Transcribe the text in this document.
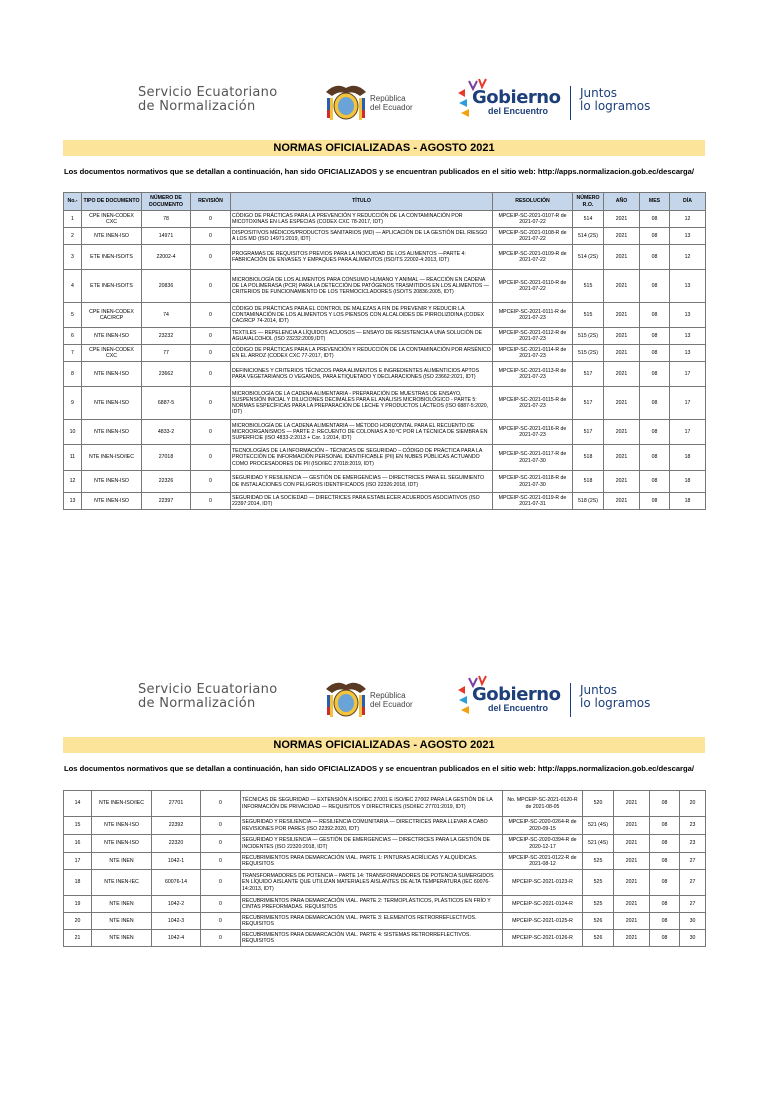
Servicio Ecuatoriano
de Normalización
República
del Ecuador	Gobierno
del Encuentro
Juntos
lo logramos
NORMAS OFICIALIZADAS - AGOSTO 2021
Los documentos normativos que se detallan a continuación, han sido OFICIALIZADOS y se encuentran publicados en el sitio web: http://apps.normalizacion.gob.ec/descarga/
No.-	TIPO DE DOCUMENTO	NÚMERO DE DOCUMENTO	REVISIÓN	TÍTULO	RESOLUCIÓN	NÚMERO R.O.	AÑO	MES	DÍA
1	CPE INEN-CODEX CXC	78	0	CÓDIGO DE PRÁCTICAS PARA LA PREVENCIÓN Y REDUCCIÓN DE LA CONTAMINACIÓN POR MICOTOXINAS EN LAS ESPECIAS (CODEX CXC 78-2017, IDT)	MPCEIP-SC-2021-0107-R de 2021-07-22	514	2021	08	12
2	NTE INEN-ISO	14971	0	DISPOSITIVOS MÉDICOS/PRODUCTOS SANITARIOS (MD) — APLICACIÓN DE LA GESTIÓN DEL RIESGO A LOS MD (ISO 14971:2019, IDT)	MPCEIP-SC-2021-0108-R de 2021-07-22	514 (2S)	2021	08	13
3	ETE INEN-ISO/TS	22002-4	0	PROGRAMAS DE REQUISITOS PREVIOS PARA LA INOCUIDAD DE LOS ALIMENTOS —PARTE 4: FABRICACIÓN DE ENVASES Y EMPAQUES PARA ALIMENTOS (ISO/TS 22002-4:2013, IDT)	MPCEIP-SC-2021-0109-R de 2021-07-22	514 (2S)	2021	08	12
4	ETE INEN-ISO/TS	20836	0	MICROBIOLOGÍA DE LOS ALIMENTOS PARA CONSUMO HUMANO Y ANIMAL — REACCIÓN EN CADENA DE LA POLIMERASA (PCR) PARA LA DETECCIÓN DE PATÓGENOS TRASMITIDOS EN LOS ALIMENTOS — CRITERIOS DE FUNCIONAMIENTO DE LOS TERMOCICLADORES (ISO/TS 20836:2005, IDT)	MPCEIP-SC-2021-0110-R de 2021-07-22	515	2021	08	13
5	CPE INEN-CODEX CAC/RCP	74	0	CÓDIGO DE PRÁCTICAS PARA EL CONTROL DE MALEZAS A FIN DE PREVENIR Y REDUCIR LA CONTAMINACIÓN DE LOS ALIMENTOS Y LOS PIENSOS CON ALCALOIDES DE PIRROLIZIDINA (CODEX CAC/RCP 74-2014, IDT)	MPCEIP-SC-2021-0111-R de 2021-07-23	515	2021	08	13
6	NTE INEN-ISO	23232	0	TEXTILES — REPELENCIA A LÍQUIDOS ACUOSOS — ENSAYO DE RESISTENCIA A UNA SOLUCIÓN DE AGUA/ALCOHOL (ISO 23232:2009,IDT)	MPCEIP-SC-2021-0112-R de 2021-07-23	515 (2S)	2021	08	13
7	CPE INEN-CODEX CXC	77	0	CÓDIGO DE PRÁCTICAS PARA LA PREVENCIÓN Y REDUCCIÓN DE LA CONTAMINACIÓN POR ARSÉNICO EN EL ARROZ (CODEX CXC 77-2017, IDT)	MPCEIP-SC-2021-0114-R de 2021-07-23	515 (2S)	2021	08	13
8	NTE INEN-ISO	23662	0	DEFINICIONES Y CRITERIOS TÉCNICOS PARA ALIMENTOS E INGREDIENTES ALIMENTICIOS APTOS PARA VEGETARIANOS O VEGANOS, PARA ETIQUETADO Y DECLARACIONES (ISO 23662:2021, IDT)	MPCEIP-SC-2021-0113-R de 2021-07-23	517	2021	08	17
9	NTE INEN-ISO	6887-5	0	MICROBIOLOGÍA DE LA CADENA ALIMENTARIA - PREPARACIÓN DE MUESTRAS DE ENSAYO, SUSPENSIÓN INICIAL Y DILUCIONES DECIMALES PARA EL ANÁLISIS MICROBIOLÓGICO - PARTE 5: NORMAS ESPECÍFICAS PARA LA PREPARACIÓN DE LECHE Y PRODUCTOS LÁCTEOS (ISO 6887-5:2020, IDT)	MPCEIP-SC-2021-0115-R de 2021-07-23	517	2021	08	17
10	NTE INEN-ISO	4833-2	0	MICROBIOLOGÍA DE LA CADENA ALIMENTARIA — MÉTODO HORIZONTAL PARA EL RECUENTO DE MICROORGANISMOS — PARTE 2: RECUENTO DE COLONIAS A 30 ºC POR LA TÉCNICA DE SIEMBRA EN SUPERFICIE (ISO 4833-2:2013 + Cor. 1:2014, IDT)	MPCEIP-SC-2021-0116-R de 2021-07-23	517	2021	08	17
11	NTE INEN-ISO/IEC	27018	0	TECNOLOGÍAS DE LA INFORMACIÓN – TÉCNICAS DE SEGURIDAD – CÓDIGO DE PRÁCTICA PARA LA PROTECCIÓN DE INFORMACIÓN PERSONAL IDENTIFICABLE (PII) EN NUBES PÚBLICAS ACTUANDO COMO PROCESADORES DE PII (ISO/IEC 27018:2019, IDT)	MPCEIP-SC-2021-0117-R de 2021-07-30	518	2021	08	18
12	NTE INEN-ISO	22326	0	SEGURIDAD Y RESILIENCIA — GESTIÓN DE EMERGENCIAS — DIRECTRICES PARA EL SEGUIMIENTO DE INSTALACIONES CON PELIGROS IDENTIFICADOS (ISO 22326:2018, IDT)	MPCEIP-SC-2021-0118-R de 2021-07-30	518	2021	08	18
13	NTE INEN-ISO	22397	0	SEGURIDAD DE LA SOCIEDAD — DIRECTRICES PARA ESTABLECER ACUERDOS ASOCIATIVOS (ISO 22397:2014, IDT)	MPCEIP-SC-2021-0119-R de 2021-07-31	518 (2S)	2021	08	18
Servicio Ecuatoriano
de Normalización
República
del Ecuador	Gobierno
del Encuentro
Juntos
lo logramos
NORMAS OFICIALIZADAS - AGOSTO 2021
Los documentos normativos que se detallan a continuación, han sido OFICIALIZADOS y se encuentran publicados en el sitio web: http://apps.normalizacion.gob.ec/descarga/
14	NTE INEN-ISO/IEC	27701	0	TÉCNICAS DE SEGURIDAD — EXTENSIÓN A ISO/IEC 27001 E ISO/IEC 27002 PARA LA GESTIÓN DE LA INFORMACIÓN DE PRIVACIDAD — REQUISITOS Y DIRECTRICES (ISO/IEC 27701:2019, IDT)	No. MPCEIP-SC-2021-0120-R de 2021-08-05	520	2021	08	20
15	NTE INEN-ISO	22392	0	SEGURIDAD Y RESILIENCIA — RESILIENCIA COMUNITARIA — DIRECTRICES PARA LLEVAR A CABO REVISIONES POR PARES (ISO 22392:2020, IDT)	MPCEIP-SC-2020-0264-R de 2020-09-15	521 (4S)	2021	08	23
16	NTE INEN-ISO	22320	0	SEGURIDAD Y RESILIENCIA — GESTIÓN DE EMERGENCIAS — DIRECTRICES PARA LA GESTIÓN DE INCIDENTES (ISO 22320:2018, IDT)	MPCEIP-SC-2020-0394-R de 2020-12-17	521 (4S)	2021	08	23
17	NTE INEN	1042-1	0	RECUBRIMIENTOS PARA DEMARCACIÓN VIAL. PARTE 1: PINTURAS ACRÍLICAS Y ALQUÍDICAS. REQUISITOS	MPCEIP-SC-2021-0122-R de 2021-08-12	525	2021	08	27
18	NTE INEN-IEC	60076-14	0	TRANSFORMADORES DE POTENCIA – PARTE 14: TRANSFORMADORES DE POTENCIA SUMERGIDOS EN LÍQUIDO AISLANTE QUE UTILIZAN MATERIALES AISLANTES DE ALTA TEMPERATURA (IEC 60076-14:2013, IDT)	MPCEIP-SC-2021-0123-R	525	2021	08	27
19	NTE INEN	1042-2	0	RECUBRIMIENTOS PARA DEMARCACIÓN VIAL. PARTE 2: TERMOPLÁSTICOS, PLÁSTICOS EN FRÍO Y CINTAS PREFORMADAS. REQUISITOS	MPCEIP-SC-2021-0124-R	525	2021	08	27
20	NTE INEN	1042-3	0	RECUBRIMIENTOS PARA DEMARCACIÓN VIAL. PARTE 3: ELEMENTOS RETRORREFLECTIVOS. REQUISITOS	MPCEIP-SC-2021-0125-R	526	2021	08	30
21	NTE INEN	1042-4	0	RECUBRIMIENTOS PARA DEMARCACIÓN VIAL. PARTE 4: SISTEMAS RETRORREFLECTIVOS. REQUISITOS	MPCEIP-SC-2021-0126-R	526	2021	08	30
